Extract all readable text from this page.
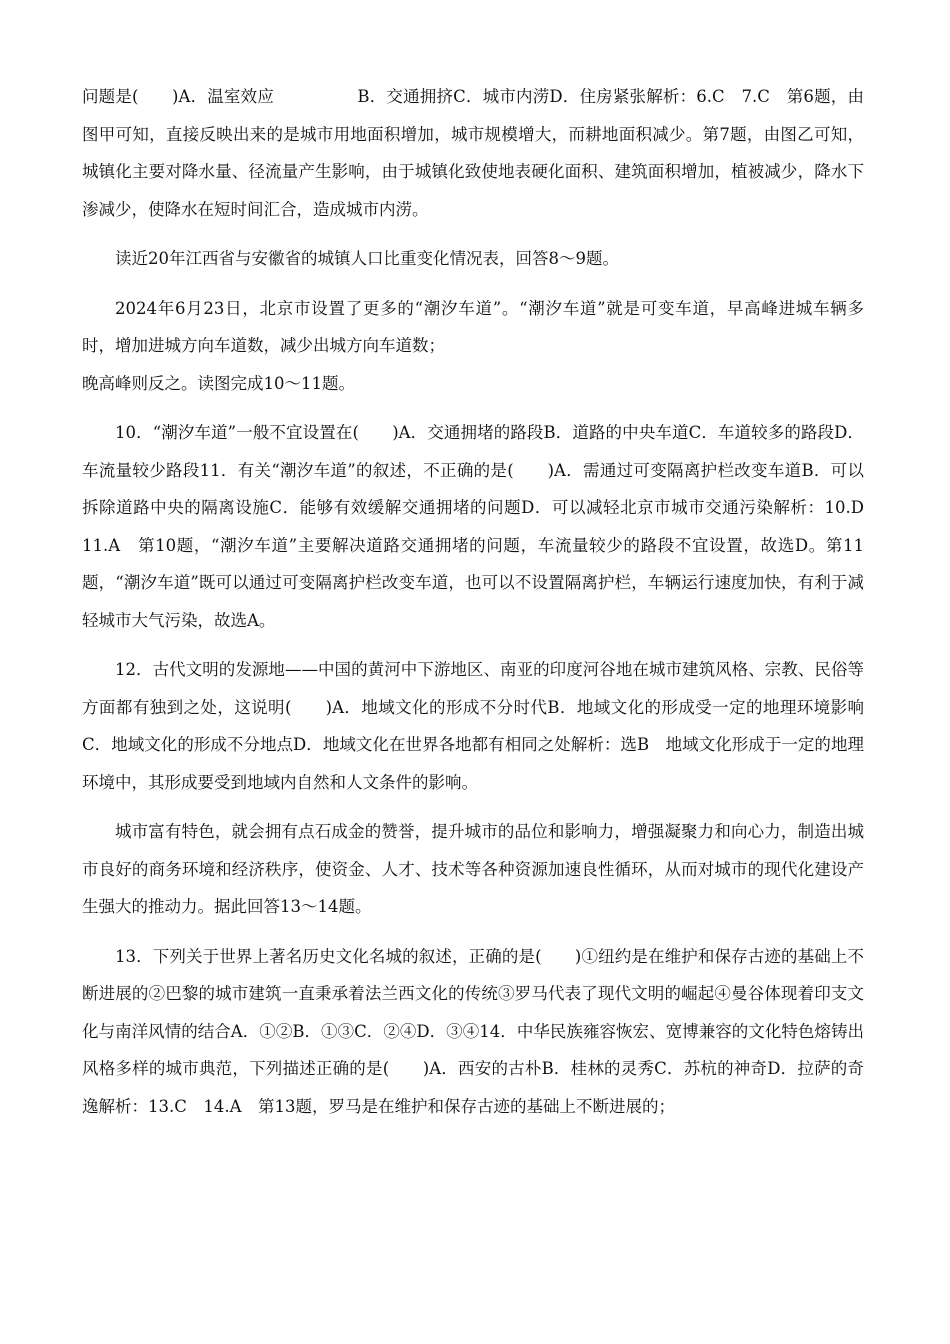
问题是(　　)A．温室效应　　　　　B．交通拥挤C．城市内涝D．住房紧张解析：6.C　7.C　第6题，由图甲可知，直接反映出来的是城市用地面积增加，城市规模增大，而耕地面积减少。第7题，由图乙可知，城镇化主要对降水量、径流量产生影响，由于城镇化致使地表硬化面积、建筑面积增加，植被减少，降水下渗减少，使降水在短时间汇合，造成城市内涝。

读近20年江西省与安徽省的城镇人口比重变化情况表，回答8～9题。

2024年6月23日，北京市设置了更多的“潮汐车道”。“潮汐车道”就是可变车道，早高峰进城车辆多时，增加进城方向车道数，减少出城方向车道数；

晚高峰则反之。读图完成10～11题。

10．“潮汐车道”一般不宜设置在(　　)A．交通拥堵的路段B．道路的中央车道C．车道较多的路段D．车流量较少路段11．有关“潮汐车道”的叙述，不正确的是(　　)A．需通过可变隔离护栏改变车道B．可以拆除道路中央的隔离设施C．能够有效缓解交通拥堵的问题D．可以减轻北京市城市交通污染解析：10.D　11.A　第10题，“潮汐车道”主要解决道路交通拥堵的问题，车流量较少的路段不宜设置，故选D。第11题，“潮汐车道”既可以通过可变隔离护栏改变车道，也可以不设置隔离护栏，车辆运行速度加快，有利于减轻城市大气污染，故选A。

12．古代文明的发源地——中国的黄河中下游地区、南亚的印度河谷地在城市建筑风格、宗教、民俗等方面都有独到之处，这说明(　　)A．地域文化的形成不分时代B．地域文化的形成受一定的地理环境影响C．地域文化的形成不分地点D．地域文化在世界各地都有相同之处解析：选B　地域文化形成于一定的地理环境中，其形成要受到地域内自然和人文条件的影响。

城市富有特色，就会拥有点石成金的赞誉，提升城市的品位和影响力，增强凝聚力和向心力，制造出城市良好的商务环境和经济秩序，使资金、人才、技术等各种资源加速良性循环，从而对城市的现代化建设产生强大的推动力。据此回答13～14题。

13．下列关于世界上著名历史文化名城的叙述，正确的是(　　)①纽约是在维护和保存古迹的基础上不断进展的②巴黎的城市建筑一直秉承着法兰西文化的传统③罗马代表了现代文明的崛起④曼谷体现着印支文化与南洋风情的结合A．①②B．①③C．②④D．③④14．中华民族雍容恢宏、宽博兼容的文化特色熔铸出风格多样的城市典范，下列描述正确的是(　　)A．西安的古朴B．桂林的灵秀C．苏杭的神奇D．拉萨的奇逸解析：13.C　14.A　第13题，罗马是在维护和保存古迹的基础上不断进展的；
